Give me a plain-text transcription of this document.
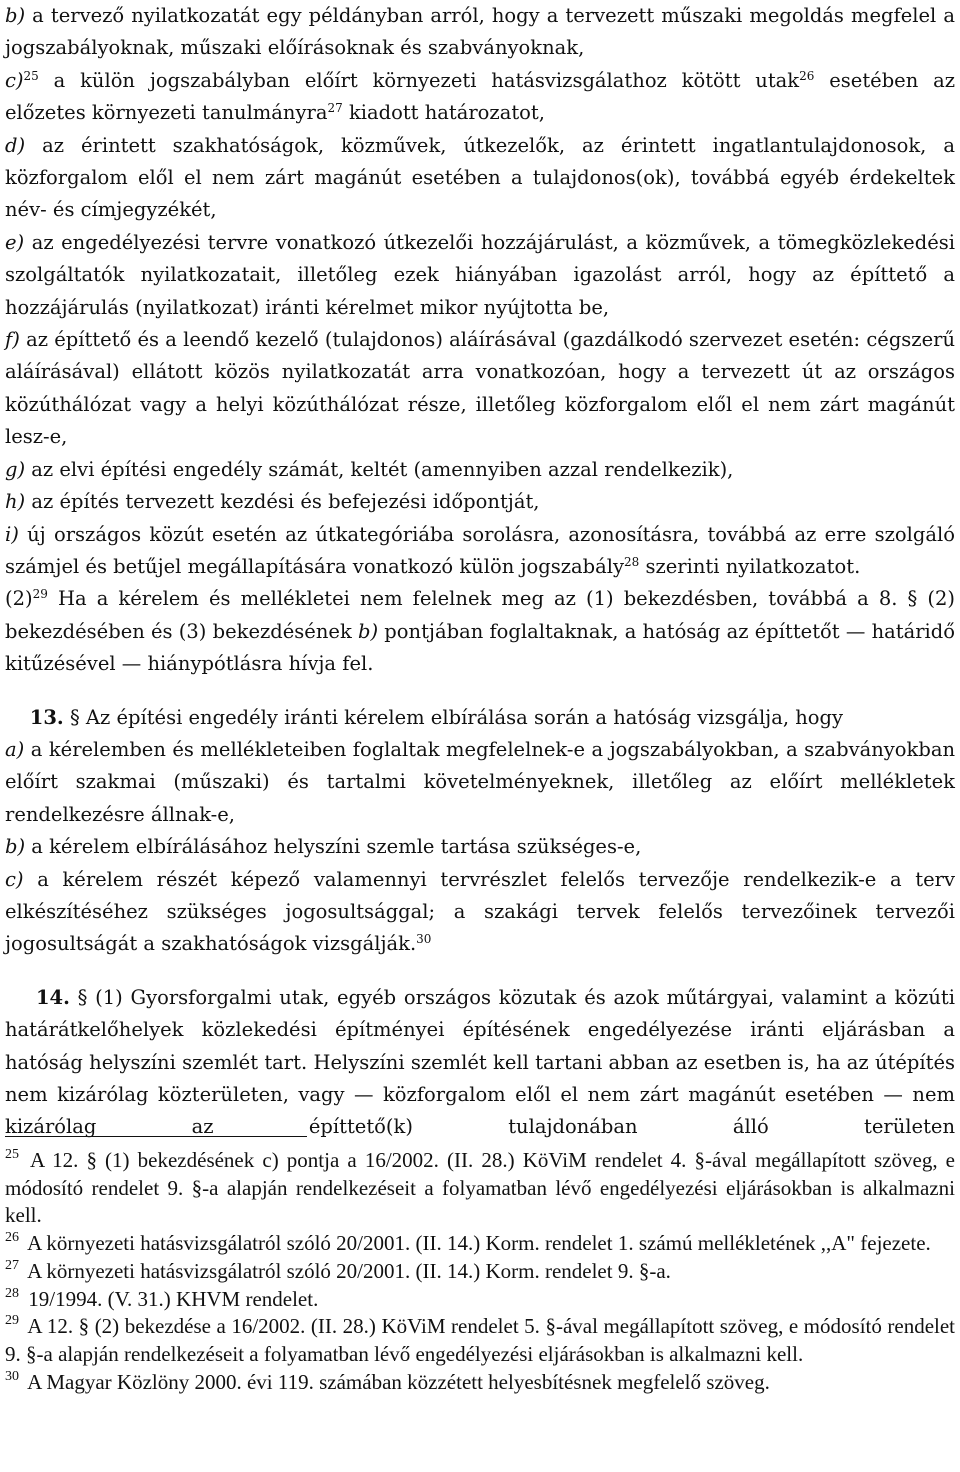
b) a tervező nyilatkozatát egy példányban arról, hogy a tervezett műszaki megoldás megfelel a jogszabályoknak, műszaki előírásoknak és szabványoknak,

c)$^{25}$ a külön jogszabályban előírt környezeti hatásvizsgálathoz kötött utak$^{26}$ esetében az előzetes környezeti tanulmányra$^{27}$ kiadott határozatot,

d) az érintett szakhatóságok, közművek, útkezelők, az érintett ingatlantulajdonosok, a közforgalom elől el nem zárt magánút esetében a tulajdonos(ok), továbbá egyéb érdekeltek név- és címjegyzékét,

e) az engedélyezési tervre vonatkozó útkezelői hozzájárulást, a közművek, a tömegközlekedési szolgáltatók nyilatkozatait, illetőleg ezek hiányában igazolást arról, hogy az építtető a hozzájárulás (nyilatkozat) iránti kérelmet mikor nyújtotta be,

f) az építtető és a leendő kezelő (tulajdonos) aláírásával (gazdálkodó szervezet esetén: cégszerű aláírásával) ellátott közös nyilatkozatát arra vonatkozóan, hogy a tervezett út az országos közúthálózat vagy a helyi közúthálózat része, illetőleg közforgalom elől el nem zárt magánút lesz-e,

g) az elvi építési engedély számát, keltét (amennyiben azzal rendelkezik),

h) az építés tervezett kezdési és befejezési időpontját,

i) új országos közút esetén az útkategóriába sorolásra, azonosításra, továbbá az erre szolgáló számjel és betűjel megállapítására vonatkozó külön jogszabály$^{28}$ szerinti nyilatkozatot.

$(2)^{29}$ Ha a kérelem és mellékletei nem felelnek meg az (1) bekezdésben, továbbá a 8. § (2) bekezdésében és (3) bekezdésének b) pontjában foglaltaknak, a hatóság az építtetőt — határidő kitűzésével — hiánypótlásra hívja fel.

13. § Az építési engedély iránti kérelem elbírálása során a hatóság vizsgálja, hogy

a) a kérelemben és mellékleteiben foglaltak megfelelnek-e a jogszabályokban, a szabványokban előírt szakmai (műszaki) és tartalmi követelményeknek, illetőleg az előírt mellékletek rendelkezésre állnak-e,

b) a kérelem elbírálásához helyszíni szemle tartása szükséges-e,

c) a kérelem részét képező valamennyi tervrészlet felelős tervezője rendelkezik-e a terv elkészítéséhez szükséges jogosultsággal; a szakági tervek felelős tervezőinek tervezői jogosultságát a szakhatóságok vizsgálják.$^{30}$

14. § (1) Gyorsforgalmi utak, egyéb országos közutak és azok műtárgyai, valamint a közúti határátkelőhelyek közlekedési építményei építésének engedélyezése iránti eljárásban a hatóság helyszíni szemlét tart. Helyszíni szemlét kell tartani abban az esetben is, ha az útépítés nem kizárólag közterületen, vagy — közforgalom elől el nem zárt magánút esetében — nem kizárólag az építtető(k) tulajdonában álló területen

$^{25}$ A 12. § (1) bekezdésének c) pontja a 16/2002. (II. 28.) KöViM rendelet 4. §-ával megállapított szöveg, e módosító rendelet 9. §-a alapján rendelkezéseit a folyamatban lévő engedélyezési eljárásokban is alkalmazni kell.

$^{26}$ A környezeti hatásvizsgálatról szóló 20/2001. (II. 14.) Korm. rendelet 1. számú mellékletének ,,A" fejezete.

$^{27}$ A környezeti hatásvizsgálatról szóló 20/2001. (II. 14.) Korm. rendelet 9. §-a.

$^{28}$ 19/1994. (V. 31.) KHVM rendelet.

$^{29}$ A 12. § (2) bekezdése a 16/2002. (II. 28.) KöViM rendelet 5. §-ával megállapított szöveg, e módosító rendelet 9. §-a alapján rendelkezéseit a folyamatban lévő engedélyezési eljárásokban is alkalmazni kell.

$^{30}$ A Magyar Közlöny 2000. évi 119. számában közzétett helyesbítésnek megfelelő szöveg.
